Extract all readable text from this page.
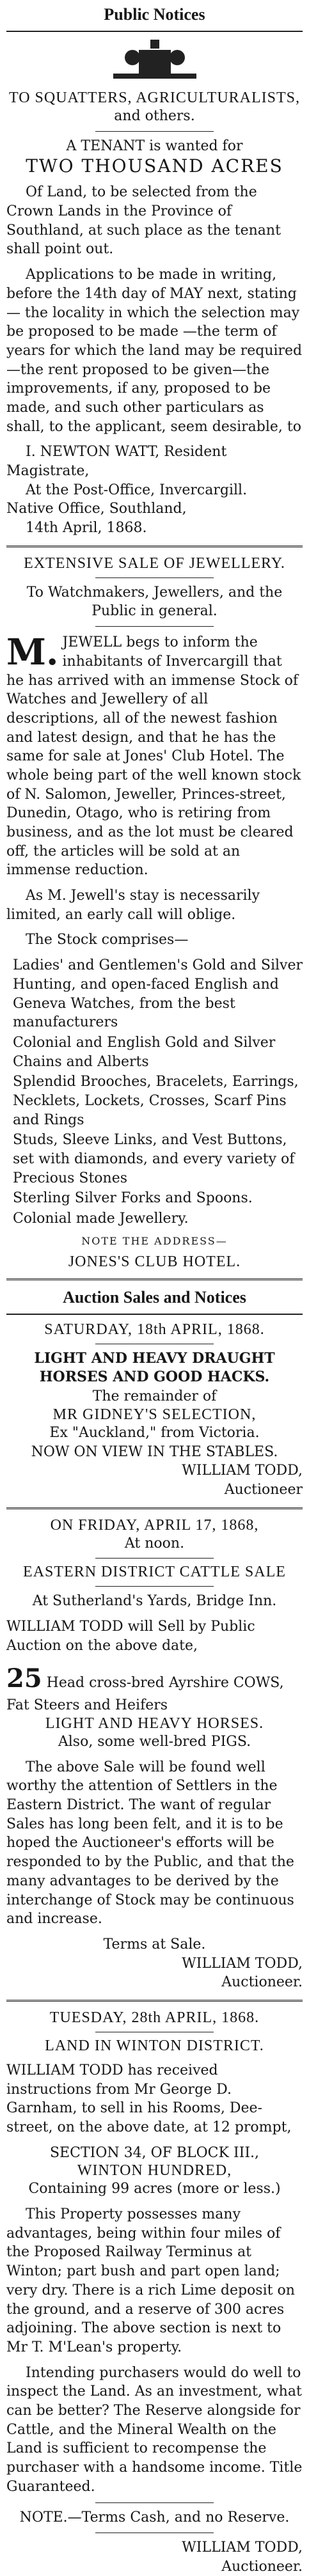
Public Notices
TO SQUATTERS, AGRICULTURALISTS,
and others.
A TENANT is wanted for
TWO THOUSAND ACRES
Of Land, to be selected from the Crown Lands in the Province of Southland, at such place as the tenant shall point out.
Applications to be made in writing, before the 14th day of MAY next, stating— the locality in which the selection may be proposed to be made —the term of years for which the land may be required—the rent proposed to be given—the improvements, if any, proposed to be made, and such other particulars as shall, to the applicant, seem desirable, to
I. NEWTON WATT, Resident Magistrate,
At the Post-Office, Invercargill.
Native Office, Southland,
14th April, 1868.
EXTENSIVE SALE OF JEWELLERY.
To Watchmakers, Jewellers, and the Public in general.
M. JEWELL begs to inform the inhabitants of Invercargill that he has arrived with an immense Stock of Watches and Jewellery of all descriptions, all of the newest fashion and latest design, and that he has the same for sale at Jones' Club Hotel. The whole being part of the well known stock of N. Salomon, Jeweller, Princes-street, Dunedin, Otago, who is retiring from business, and as the lot must be cleared off, the articles will be sold at an immense reduction.
As M. Jewell's stay is necessarily limited, an early call will oblige.
The Stock comprises—
Ladies' and Gentlemen's Gold and Silver Hunting, and open-faced English and Geneva Watches, from the best manufacturers
Colonial and English Gold and Silver Chains and Alberts
Splendid Brooches, Bracelets, Earrings, Necklets, Lockets, Crosses, Scarf Pins and Rings
Studs, Sleeve Links, and Vest Buttons, set with diamonds, and every variety of Precious Stones
Sterling Silver Forks and Spoons.
Colonial made Jewellery.
NOTE THE ADDRESS—
JONES'S CLUB HOTEL.
Auction Sales and Notices
SATURDAY, 18th APRIL, 1868.
LIGHT AND HEAVY DRAUGHT HORSES AND GOOD HACKS.
The remainder of
MR GIDNEY'S SELECTION,
Ex "Auckland," from Victoria.
NOW ON VIEW IN THE STABLES.
WILLIAM TODD,
Auctioneer
ON FRIDAY, APRIL 17, 1868,
At noon.
EASTERN DISTRICT CATTLE SALE
At Sutherland's Yards, Bridge Inn.
WILLIAM TODD will Sell by Public Auction on the above date,
25 Head cross-bred Ayrshire COWS, Fat Steers and Heifers
LIGHT AND HEAVY HORSES.
Also, some well-bred PIGS.
The above Sale will be found well worthy the attention of Settlers in the Eastern District. The want of regular Sales has long been felt, and it is to be hoped the Auctioneer's efforts will be responded to by the Public, and that the many advantages to be derived by the interchange of Stock may be continuous and increase.
Terms at Sale.
WILLIAM TODD,
Auctioneer.
TUESDAY, 28th APRIL, 1868.
LAND IN WINTON DISTRICT.
WILLIAM TODD has received instructions from Mr George D. Garnham, to sell in his Rooms, Dee-street, on the above date, at 12 prompt,
SECTION 34, OF BLOCK III.,
WINTON HUNDRED,
Containing 99 acres (more or less.)
This Property possesses many advantages, being within four miles of the Proposed Railway Terminus at Winton; part bush and part open land; very dry. There is a rich Lime deposit on the ground, and a reserve of 300 acres adjoining. The above section is next to Mr T. M'Lean's property.
Intending purchasers would do well to inspect the Land. As an investment, what can be better? The Reserve alongside for Cattle, and the Mineral Wealth on the Land is sufficient to recompense the purchaser with a handsome income. Title Guaranteed.
NOTE.—Terms Cash, and no Reserve.
WILLIAM TODD,
Auctioneer.
